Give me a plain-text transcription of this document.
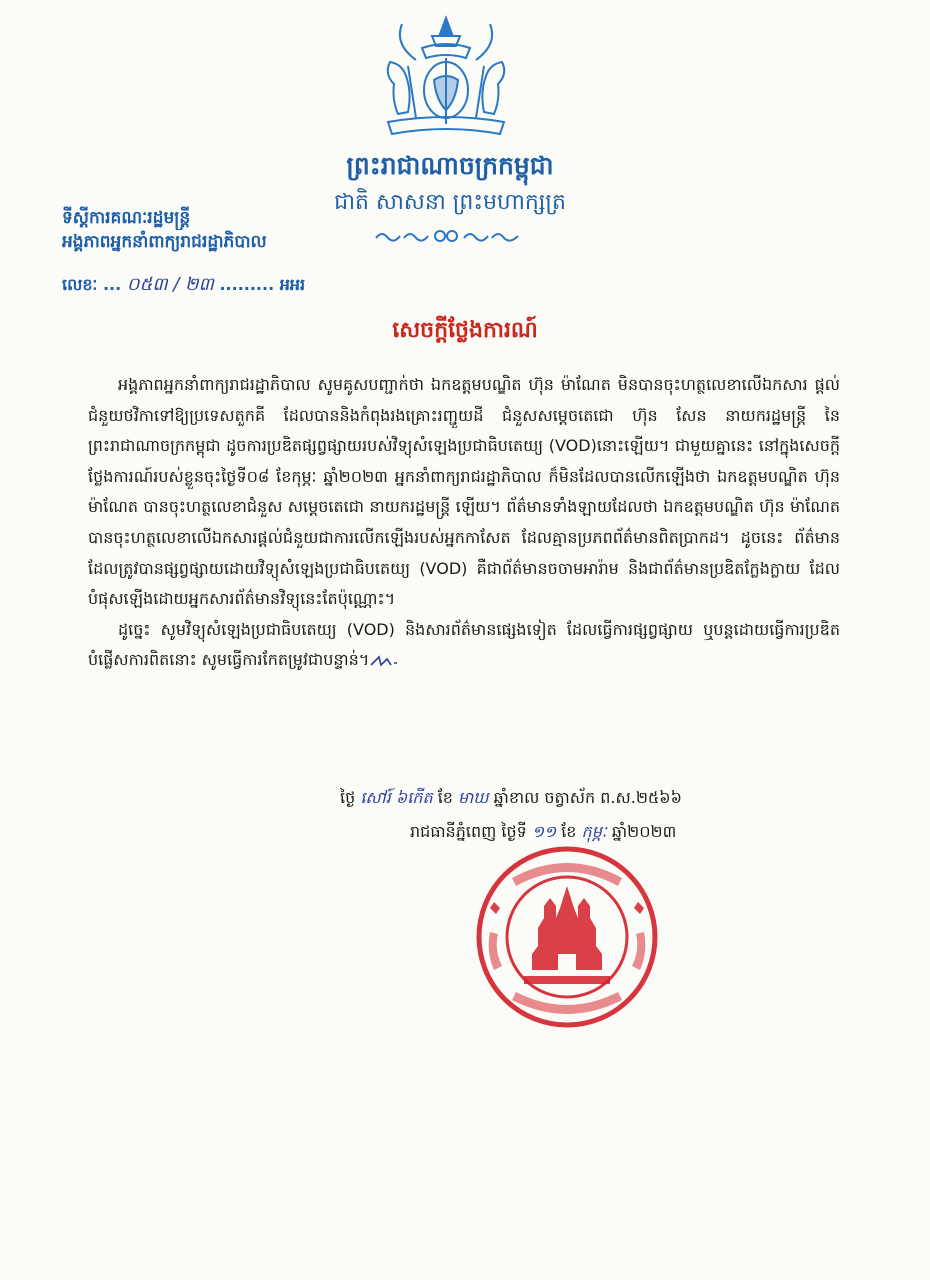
ព្រះរាជាណាចក្រកម្ពុជា
ជាតិ សាសនា ព្រះមហាក្សត្រ
ទីស្តីការគណៈរដ្ឋមន្ត្រី
អង្គភាពអ្នកនាំពាក្យរាជរដ្ឋាភិបាល
លេខៈ ... ០៥៣ / ២៣ ......... អអរ
សេចក្តីថ្លែងការណ៍

អង្គភាពអ្នកនាំពាក្យរាជរដ្ឋាភិបាល សូមគូសបញ្ជាក់ថា ឯកឧត្តមបណ្ឌិត ហ៊ុន ម៉ាណែត មិនបានចុះហត្ថលេខាលើឯកសារ ផ្តល់ជំនួយថវិកាទៅឱ្យប្រទេសតួកគី ដែលបាននិងកំពុងរងគ្រោះរញ្ជួយដី ជំនួសសម្តេចតេជោ ហ៊ុន សែន នាយករដ្ឋមន្ត្រី នៃព្រះរាជាណាចក្រកម្ពុជា ដូចការប្រឌិតផ្សព្វផ្សាយរបស់វិទ្យុសំឡេងប្រជាធិបតេយ្យ (VOD)នោះឡើយ។ ជាមួយគ្នានេះ នៅក្នុងសេចក្តីថ្លែងការណ៍របស់ខ្លួនចុះថ្ងៃទី០៨ ខែកុម្ភៈ ឆ្នាំ២០២៣ អ្នកនាំពាក្យរាជរដ្ឋាភិបាល ក៏មិនដែលបានលើកឡើងថា ឯកឧត្តមបណ្ឌិត ហ៊ុន ម៉ាណែត បានចុះហត្ថលេខាជំនួស សម្តេចតេជោ នាយករដ្ឋមន្ត្រី ឡើយ។ ព័ត៌មានទាំងឡាយដែលថា ឯកឧត្តមបណ្ឌិត ហ៊ុន ម៉ាណែត បានចុះហត្ថលេខាលើឯកសារផ្តល់ជំនួយជាការលើកឡើងរបស់អ្នកកាសែត ដែលគ្មានប្រភពព័ត៌មានពិតប្រាកដ។ ដូចនេះ ព័ត៌មាន ដែលត្រូវបានផ្សព្វផ្សាយដោយវិទ្យុសំឡេងប្រជាធិបតេយ្យ (VOD) គឺជាព័ត៌មានចចាមអារ៉ាម និងជាព័ត៌មានប្រឌិតក្លែងក្លាយ ដែលបំផុសឡើងដោយអ្នកសារព័ត៌មានវិទ្យុនេះតែប៉ុណ្ណោះ។

ដូច្នេះ សូមវិទ្យុសំឡេងប្រជាធិបតេយ្យ (VOD) និងសារព័ត៌មានផ្សេងទៀត ដែលធ្វើការផ្សព្វផ្សាយ ឬបន្តដោយធ្វើការប្រឌិតបំផ្លើសការពិតនោះ សូមធ្វើការកែតម្រូវជាបន្ទាន់។

ថ្ងៃ សៅរ៍ ៦កើត ខែ មាឃ ឆ្នាំខាល ចត្វាស័ក ព.ស.២៥៦៦
រាជធានីភ្នំពេញ ថ្ងៃទី ១១ ខែ កុម្ភៈ ឆ្នាំ២០២៣
